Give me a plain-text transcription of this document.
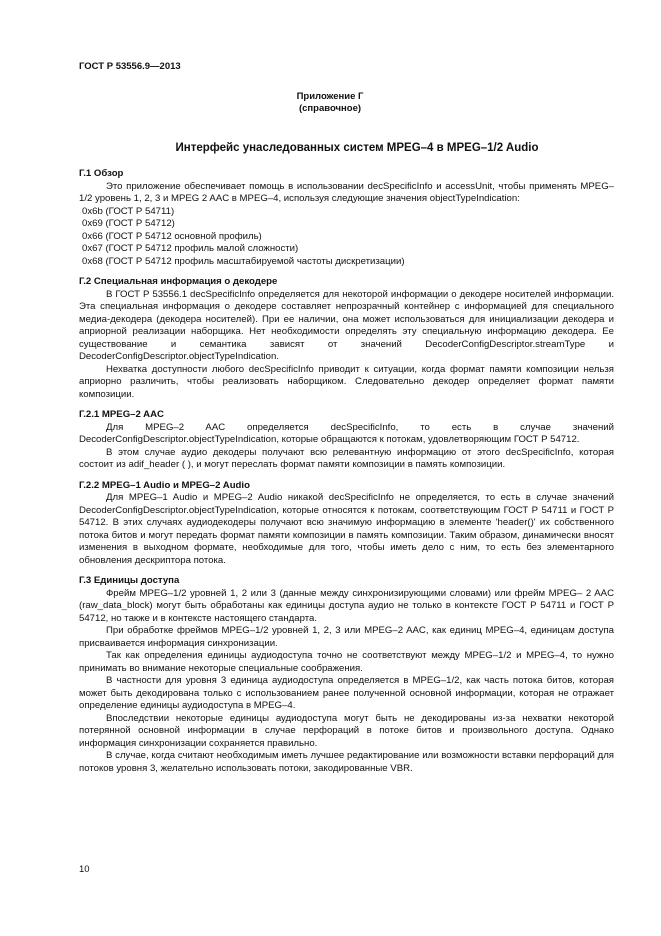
ГОСТ Р 53556.9—2013
Приложение Г
(справочное)
Интерфейс унаследованных систем MPEG–4 в MPEG–1/2 Audio

Г.1 Обзор

Это приложение обеспечивает помощь в использовании decSpecificInfo и accessUnit, чтобы применять MPEG–1/2 уровень 1, 2, 3 и MPEG 2 AAC в MPEG–4, используя следующие значения objectTypeIndication:

0x6b (ГОСТ Р 54711)
0x69 (ГОСТ Р 54712)
0x66 (ГОСТ Р 54712 основной профиль)
0x67 (ГОСТ Р 54712 профиль малой сложности)
0x68 (ГОСТ Р 54712 профиль масштабируемой частоты дискретизации)

Г.2 Специальная информация о декодере

В ГОСТ Р 53556.1 decSpecificInfo определяется для некоторой информации о декодере носителей информации. Эта специальная информация о декодере составляет непрозрачный контейнер с информацией для специального медиа-декодера (декодера носителей). При ее наличии, она может использоваться для инициализации декодера и априорной реализации наборщика. Нет необходимости определять эту специальную информацию декодера. Ее существование и семантика зависят от значений DecoderConfigDescriptor.streamType и DecoderConfigDescriptor.objectTypeIndication.

Нехватка доступности любого decSpecificInfo приводит к ситуации, когда формат памяти композиции нельзя априорно различить, чтобы реализовать наборщиком. Следовательно декодер определяет формат памяти композиции.

Г.2.1 MPEG–2 AAC

Для MPEG–2 AAC определяется decSpecificInfo, то есть в случае значений DecoderConfigDescriptor.objectTypeIndication, которые обращаются к потокам, удовлетворяющим ГОСТ Р 54712.

В этом случае аудио декодеры получают всю релевантную информацию от этого decSpecificInfo, которая состоит из adif_header ( ), и могут переслать формат памяти композиции в память композиции.

Г.2.2 MPEG–1 Audio и MPEG–2 Audio

Для MPEG–1 Audio и MPEG–2 Audio никакой decSpecificInfo не определяется, то есть в случае значений DecoderConfigDescriptor.objectTypeIndication, которые относятся к потокам, соответствующим ГОСТ Р 54711 и ГОСТ Р 54712. В этих случаях аудиодекодеры получают всю значимую информацию в элементе 'header()' их собственного потока битов и могут передать формат памяти композиции в память композиции. Таким образом, динамически вносят изменения в выходном формате, необходимые для того, чтобы иметь дело с ним, то есть без элементарного обновления дескриптора потока.

Г.3 Единицы доступа

Фрейм MPEG–1/2 уровней 1, 2 или 3 (данные между синхронизирующими словами) или фрейм MPEG– 2 AAC (raw_data_block) могут быть обработаны как единицы доступа аудио не только в контексте ГОСТ Р 54711 и ГОСТ Р 54712, но также и в контексте настоящего стандарта.

При обработке фреймов MPEG–1/2 уровней 1, 2, 3 или MPEG–2 AAC, как единиц MPEG–4, единицам доступа присваивается информация синхронизации.

Так как определения единицы аудиодоступа точно не соответствуют между MPEG–1/2 и MPEG–4, то нужно принимать во внимание некоторые специальные соображения.

В частности для уровня 3 единица аудиодоступа определяется в MPEG–1/2, как часть потока битов, которая может быть декодирована только с использованием ранее полученной основной информации, которая не отражает определение единицы аудиодоступа в MPEG–4.

Впоследствии некоторые единицы аудиодоступа могут быть не декодированы из-за нехватки некоторой потерянной основной информации в случае перфораций в потоке битов и произвольного доступа. Однако информация синхронизации сохраняется правильно.

В случае, когда считают необходимым иметь лучшее редактирование или возможности вставки перфораций для потоков уровня 3, желательно использовать потоки, закодированные VBR.

10
